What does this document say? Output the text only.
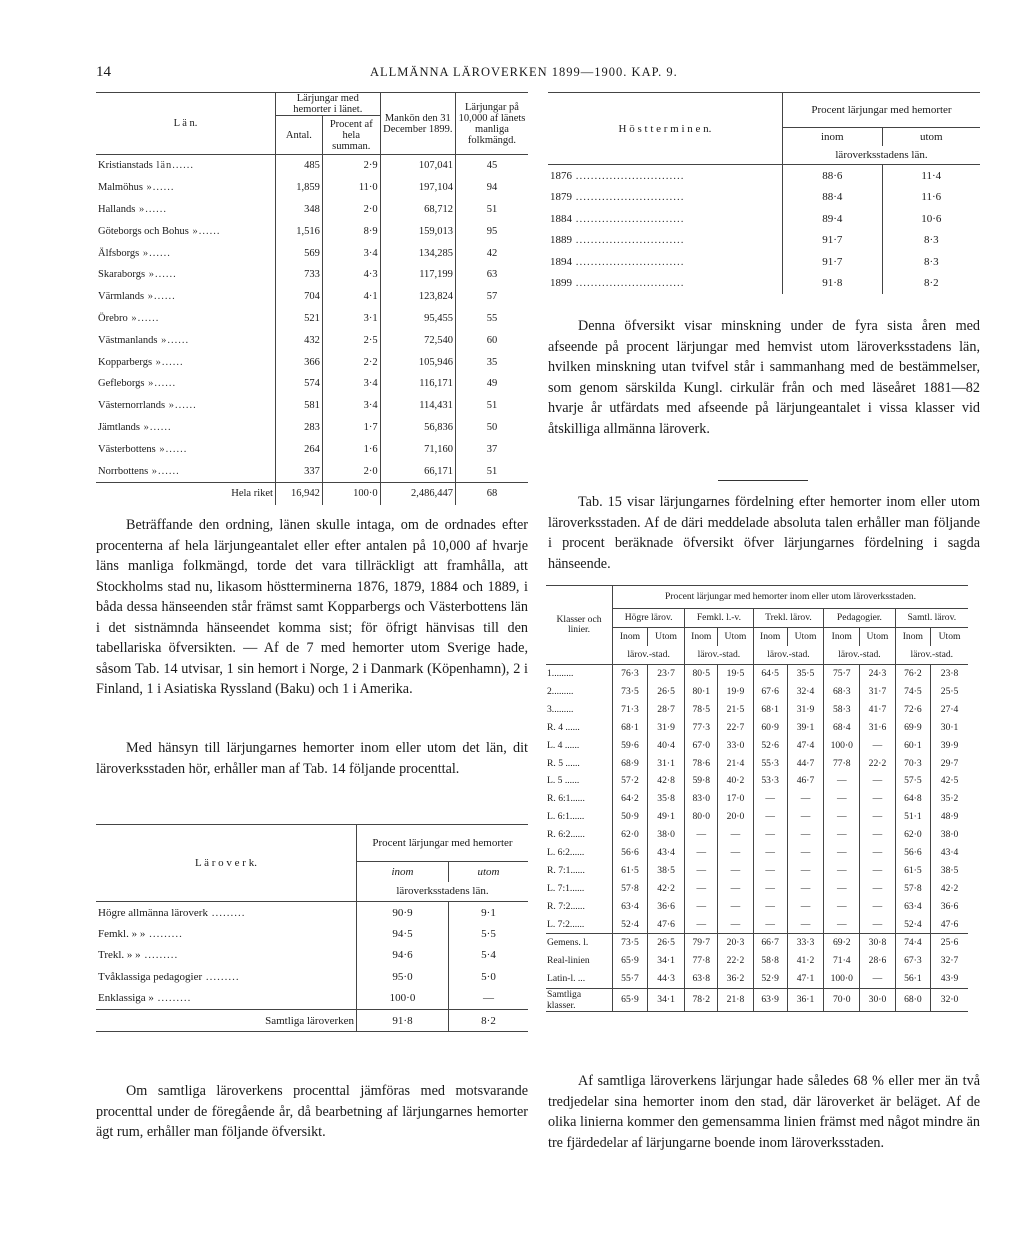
14	ALLMÄNNA LÄROVERKEN 1899—1900. KAP. 9.
L ä n.	Lärjungar med hemorter i länet.		Mankön den 31 December 1899.	Lärjungar på 10,000 af länets manliga folkmängd.
	Antal.	Procent af hela summan.		
Kristianstads län......	485	2·9	107,041	45
Malmöhus »......	1,859	11·0	197,104	94
Hallands »......	348	2·0	68,712	51
Göteborgs och Bohus »......	1,516	8·9	159,013	95
Älfsborgs »......	569	3·4	134,285	42
Skaraborgs »......	733	4·3	117,199	63
Värmlands »......	704	4·1	123,824	57
Örebro »......	521	3·1	95,455	55
Västmanlands »......	432	2·5	72,540	60
Kopparbergs »......	366	2·2	105,946	35
Gefleborgs »......	574	3·4	116,171	49
Västernorrlands »......	581	3·4	114,431	51
Jämtlands »......	283	1·7	56,836	50
Västerbottens »......	264	1·6	71,160	37
Norrbottens »......	337	2·0	66,171	51
Hela riket	16,942	100·0	2,486,447	68
H ö s t t e r m i n e n.	Procent lärjungar med hemorter	
	inom	utom
	läroverksstadens län.	
1876 .............................	88·6	11·4
1879 .............................	88·4	11·6
1884 .............................	89·4	10·6
1889 .............................	91·7	8·3
1894 .............................	91·7	8·3
1899 .............................	91·8	8·2
Beträffande den ordning, länen skulle intaga, om de ordnades efter procenterna af hela lärjungeantalet eller efter antalen på 10,000 af hvarje läns manliga folkmängd, torde det vara tillräckligt att framhålla, att Stockholms stad nu, likasom höstterminerna 1876, 1879, 1884 och 1889, i båda dessa hänseenden står främst samt Kopparbergs och Västerbottens län i det sistnämnda hänseendet komma sist; för öfrigt hänvisas till den tabellariska öfversikten. — Af de 7 med hemorter utom Sverige hade, såsom Tab. 14 utvisar, 1 sin hemort i Norge, 2 i Danmark (Köpenhamn), 2 i Finland, 1 i Asiatiska Ryssland (Baku) och 1 i Amerika.
Med hänsyn till lärjungarnes hemorter inom eller utom det län, dit läroverksstaden hör, erhåller man af Tab. 14 följande procenttal.
L ä r o v e r k.	Procent lärjungar med hemorter	
	inom	utom
	läroverksstadens län.	
Högre allmänna läroverk .........	90·9	9·1
Femkl. » » .........	94·5	5·5
Trekl. » » .........	94·6	5·4
Tvåklassiga pedagogier .........	95·0	5·0
Enklassiga » .........	100·0	—
Samtliga läroverken	91·8	8·2
Om samtliga läroverkens procenttal jämföras med motsvarande procenttal under de föregående år, då bearbetning af lärjungarnes hemorter ägt rum, erhåller man följande öfversikt.
Denna öfversikt visar minskning under de fyra sista åren med afseende på procent lärjungar med hemvist utom läroverksstadens län, hvilken minskning utan tvifvel står i sammanhang med de bestämmelser, som genom särskilda Kungl. cirkulär från och med läseåret 1881—82 hvarje år utfärdats med afseende på lärjungeantalet i vissa klasser vid åtskilliga allmänna läroverk.
Tab. 15 visar lärjungarnes fördelning efter hemorter inom eller utom läroverksstaden. Af de däri meddelade absoluta talen erhåller man följande i procent beräknade öfversikt öfver lärjungarnes fördelning i sagda hänseende.
Klasser och linier.	Procent lärjungar med hemorter inom eller utom läroverksstaden.									
	Högre lärov.		Femkl. l.-v.		Trekl. lärov.		Pedagogier.		Samtl. lärov.	
	Inom	Utom	Inom	Utom	Inom	Utom	Inom	Utom	Inom	Utom
	lärov.-stad.		lärov.-stad.		lärov.-stad.		lärov.-stad.		lärov.-stad.	
1.........	76·3	23·7	80·5	19·5	64·5	35·5	75·7	24·3	76·2	23·8
2.........	73·5	26·5	80·1	19·9	67·6	32·4	68·3	31·7	74·5	25·5
3.........	71·3	28·7	78·5	21·5	68·1	31·9	58·3	41·7	72·6	27·4
R. 4 ......	68·1	31·9	77·3	22·7	60·9	39·1	68·4	31·6	69·9	30·1
L. 4 ......	59·6	40·4	67·0	33·0	52·6	47·4	100·0	—	60·1	39·9
R. 5 ......	68·9	31·1	78·6	21·4	55·3	44·7	77·8	22·2	70·3	29·7
L. 5 ......	57·2	42·8	59·8	40·2	53·3	46·7	—	—	57·5	42·5
R. 6:1......	64·2	35·8	83·0	17·0	—	—	—	—	64·8	35·2
L. 6:1......	50·9	49·1	80·0	20·0	—	—	—	—	51·1	48·9
R. 6:2......	62·0	38·0	—	—	—	—	—	—	62·0	38·0
L. 6:2......	56·6	43·4	—	—	—	—	—	—	56·6	43·4
R. 7:1......	61·5	38·5	—	—	—	—	—	—	61·5	38·5
L. 7:1......	57·8	42·2	—	—	—	—	—	—	57·8	42·2
R. 7:2......	63·4	36·6	—	—	—	—	—	—	63·4	36·6
L. 7:2......	52·4	47·6	—	—	—	—	—	—	52·4	47·6
Gemens. l.	73·5	26·5	79·7	20·3	66·7	33·3	69·2	30·8	74·4	25·6
Real-linien	65·9	34·1	77·8	22·2	58·8	41·2	71·4	28·6	67·3	32·7
Latin-l. ...	55·7	44·3	63·8	36·2	52·9	47·1	100·0	—	56·1	43·9
Samtliga klasser.	65·9	34·1	78·2	21·8	63·9	36·1	70·0	30·0	68·0	32·0
Af samtliga läroverkens lärjungar hade således 68 % eller mer än två tredjedelar sina hemorter inom den stad, där läroverket är beläget. Af de olika linierna kommer den gemensamma linien främst med något mindre än tre fjärdedelar af lärjungarne boende inom läroverksstaden.
